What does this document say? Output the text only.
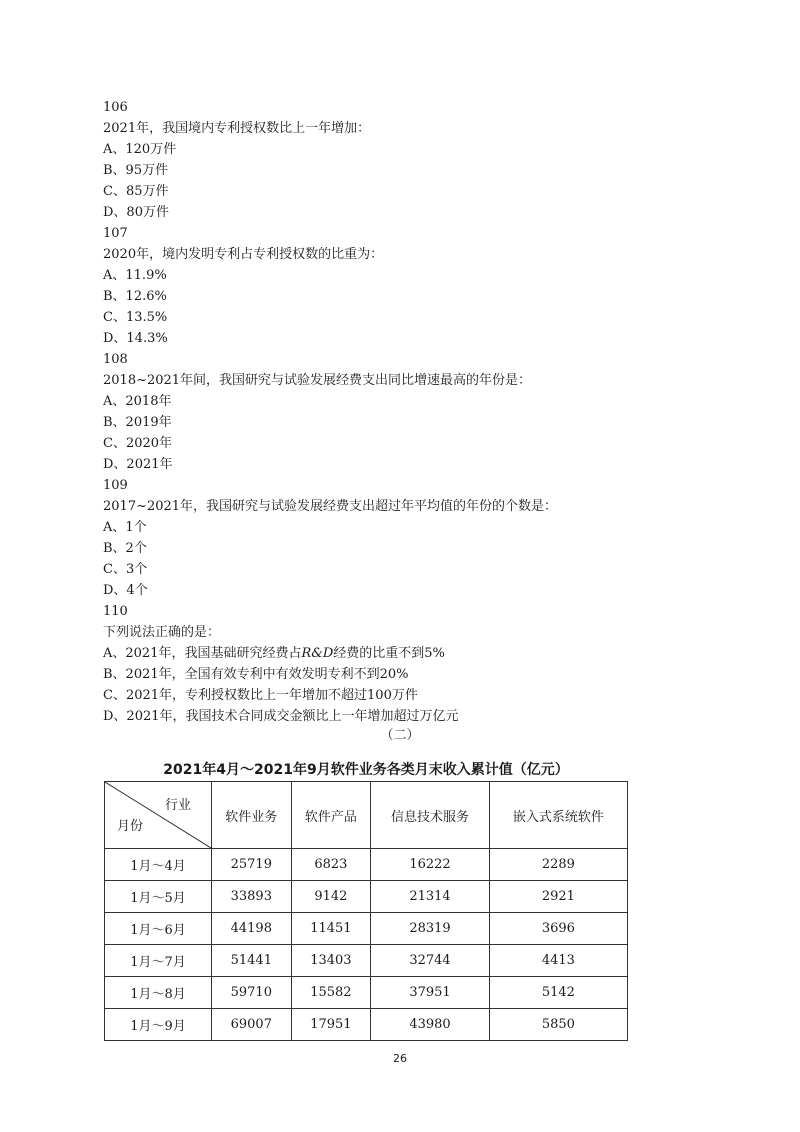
106
2021年，我国境内专利授权数比上一年增加：
A、120万件
B、95万件
C、85万件
D、80万件
107
2020年，境内发明专利占专利授权数的比重为：
A、11.9%
B、12.6%
C、13.5%
D、14.3%
108
2018~2021年间，我国研究与试验发展经费支出同比增速最高的年份是：
A、2018年
B、2019年
C、2020年
D、2021年
109
2017~2021年，我国研究与试验发展经费支出超过年平均值的年份的个数是：
A、1个
B、2个
C、3个
D、4个
110
下列说法正确的是：
A、2021年，我国基础研究经费占R&D经费的比重不到5%
B、2021年，全国有效专利中有效发明专利不到20%
C、2021年，专利授权数比上一年增加不超过100万件
D、2021年，我国技术合同成交金额比上一年增加超过万亿元
（二）
2021年4月～2021年9月软件业务各类月末收入累计值（亿元）
行业
月份	软件业务	软件产品	信息技术服务	嵌入式系统软件
1月～4月	25719	6823	16222	2289
1月～5月	33893	9142	21314	2921
1月～6月	44198	11451	28319	3696
1月～7月	51441	13403	32744	4413
1月～8月	59710	15582	37951	5142
1月～9月	69007	17951	43980	5850
26
